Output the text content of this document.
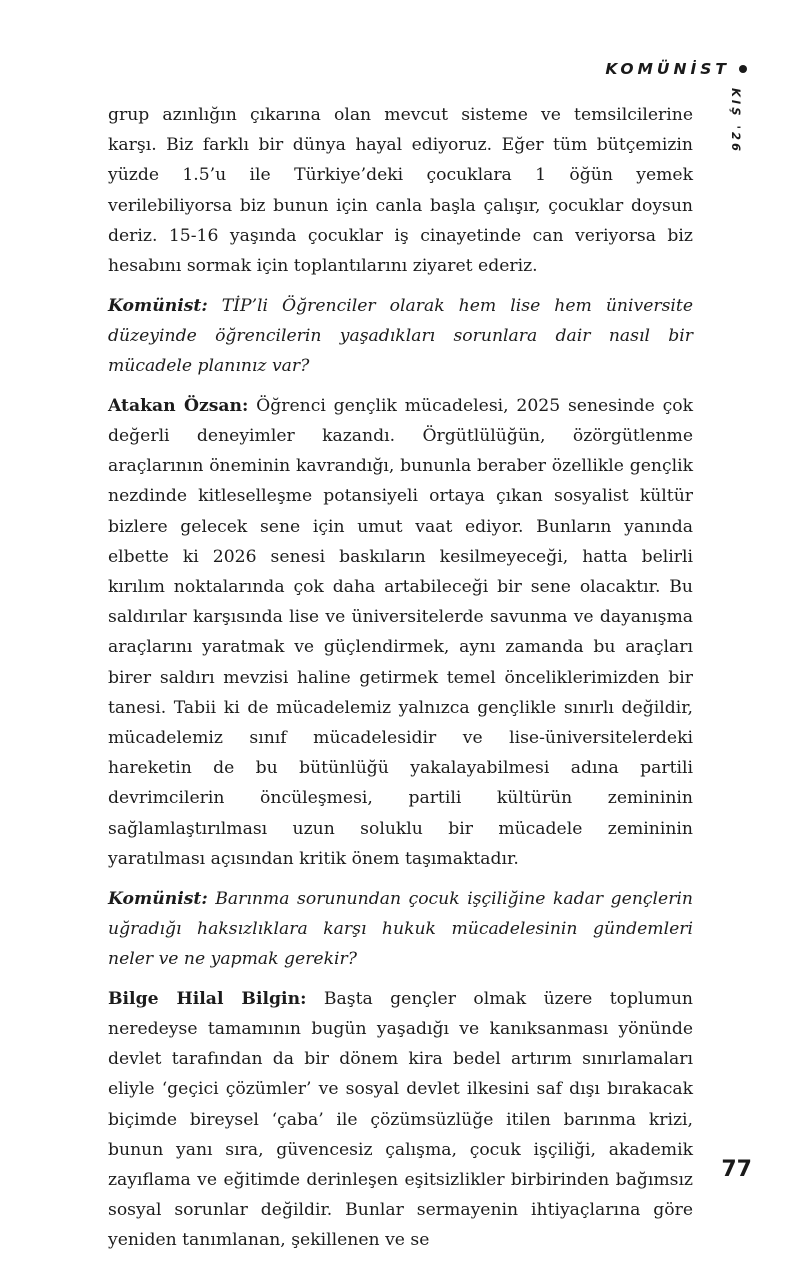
KOMÜNİST
KIŞ '26

grup azınlığın çıkarına olan mevcut sisteme ve temsilcilerine karşı. Biz farklı bir dünya hayal ediyoruz. Eğer tüm bütçemizin yüzde 1.5’u ile Türkiye’deki çocuklara 1 öğün yemek verilebiliyorsa biz bunun için canla başla çalışır, çocuklar doysun deriz. 15-16 yaşında çocuklar iş cinayetinde can veriyorsa biz hesabını sormak için toplantılarını ziyaret ederiz.

Komünist: TİP’li Öğrenciler olarak hem lise hem üniversite düzeyinde öğrencilerin yaşadıkları sorunlara dair nasıl bir mücadele planınız var?

Atakan Özsan: Öğrenci gençlik mücadelesi, 2025 senesinde çok değerli deneyimler kazandı. Örgütlülüğün, özörgütlenme araçlarının öneminin kavrandığı, bununla beraber özellikle gençlik nezdinde kitleselleşme potansiyeli ortaya çıkan sosyalist kültür bizlere gelecek sene için umut vaat ediyor. Bunların yanında elbette ki 2026 senesi baskıların kesilmeyeceği, hatta belirli kırılım noktalarında çok daha artabileceği bir sene olacaktır. Bu saldırılar karşısında lise ve üniversitelerde savunma ve dayanışma araçlarını yaratmak ve güçlendirmek, aynı zamanda bu araçları birer saldırı mevzisi haline getirmek temel önceliklerimizden bir tanesi. Tabii ki de mücadelemiz yalnızca gençlikle sınırlı değildir, mücadelemiz sınıf mücadelesidir ve lise-üniversitelerdeki hareketin de bu bütünlüğü yakalayabilmesi adına partili devrimcilerin öncüleşmesi, partili kültürün zemininin sağlamlaştırılması uzun soluklu bir mücadele zemininin yaratılması açısından kritik önem taşımaktadır.

Komünist: Barınma sorunundan çocuk işçiliğine kadar gençlerin uğradığı haksızlıklara karşı hukuk mücadelesinin gündemleri neler ve ne yapmak gerekir?

Bilge Hilal Bilgin: Başta gençler olmak üzere toplumun neredeyse tamamının bugün yaşadığı ve kanıksanması yönünde devlet tarafından da bir dönem kira bedel artırım sınırlamaları eliyle ‘geçici çözümler’ ve sosyal devlet ilkesini saf dışı bırakacak biçimde bireysel ‘çaba’ ile çözümsüzlüğe itilen barınma krizi, bunun yanı sıra, güvencesiz çalışma, çocuk işçiliği, akademik zayıflama ve eğitimde derinleşen eşitsizlikler birbirinden bağımsız sosyal sorunlar değildir. Bunlar sermayenin ihtiyaçlarına göre yeniden tanımlanan, şekillenen ve se

77
